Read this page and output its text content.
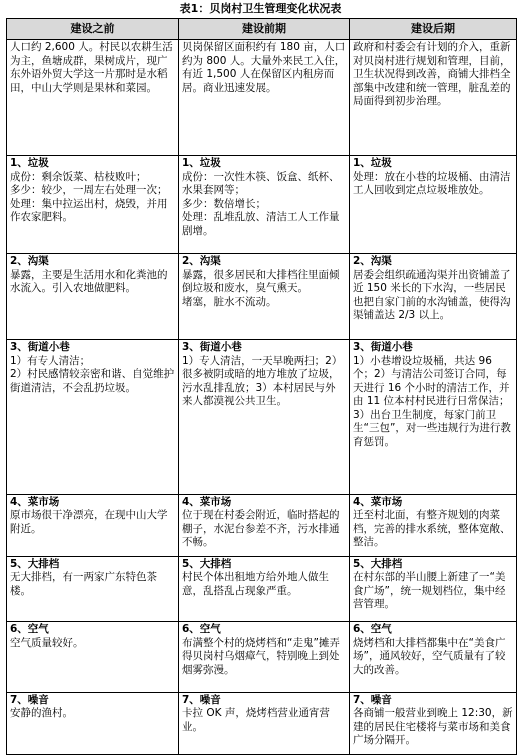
表1：贝岗村卫生管理变化状况表
建设之前	建设前期	建设后期

人口约 2,600 人。村民以农耕生活为主，鱼塘成群，果树成片，现广东外语外贸大学这一片那时是水稻田，中山大学则是果林和菜园。	贝岗保留区面积约有 180 亩，人口约为 800 人。大量外来民工入住，有近 1,500 人在保留区内租房而居。商业迅速发展。	政府和村委会有计划的介入，重新对贝岗村进行规划和管理，目前，卫生状况得到改善，商铺大排档全部集中改建和统一管理，脏乱差的局面得到初步治理。

1、垃圾
成份：剩余饭菜、枯枝败叶；
多少：较少，一周左右处理一次；
处理：集中拉运出村，烧毁，并用作农家肥料。	1、垃圾
成份：一次性木筷、饭盒、纸杯、水果套网等；
多少：数倍增长；
处理：乱堆乱放、清洁工人工作量剧增。	1、垃圾
处理：放在小巷的垃圾桶、由清洁工人回收到定点垃圾堆放处。

2、沟渠
暴露，主要是生活用水和化粪池的水流入。引入农地做肥料。	2、沟渠
暴露，很多居民和大排档往里面倾倒垃圾和废水，臭气熏天。
堵塞，脏水不流动。	2、沟渠
居委会组织疏通沟渠并出资铺盖了近 150 米长的下水沟，一些居民也把自家门前的水沟铺盖，使得沟渠铺盖达 2/3 以上。

3、街道小巷
1）有专人清洁；
2）村民感情较亲密和谐、自觉维护街道清洁，不会乱扔垃圾。	3、街道小巷
1）专人清洁，一天早晚两扫；2）很多被阴或暗的地方堆放了垃圾，污水乱排乱放；3）本村居民与外来人都漠视公共卫生。	3、街道小巷
1）小巷增设垃圾桶，共达 96 个；2）与清洁公司签订合同，每天进行 16 个小时的清洁工作，并由 11 位本村村民进行日常保洁；3）出台卫生制度，每家门前卫生“三包”，对一些违规行为进行教育惩罚。

4、菜市场
原市场很干净漂亮，在现中山大学附近。	4、菜市场
位于现在村委会附近，临时搭起的棚子，水泥台参差不齐，污水排通不畅。	4、菜市场
迁至村北面，有整齐规划的肉菜档，完善的排水系统，整体宽敞、整洁。

5、大排档
无大排档，有一两家广东特色茶楼。	5、大排档
村民个体出租地方给外地人做生意，乱搭乱占现象严重。	5、大排档
在村东部的半山腰上新建了一“美食广场”，统一规划档位，集中经营管理。

6、空气
空气质量较好。	6、空气
布满整个村的烧烤档和“走鬼”摊弄得贝岗村乌烟瘴气，特别晚上到处烟雾弥漫。	6、空气
烧烤档和大排档都集中在“美食广场”，通风较好，空气质量有了较大的改善。

7、噪音
安静的渔村。	7、噪音
卡拉 OK 声，烧烤档营业通宵营业。	7、噪音
各商铺一般营业到晚上 12:30，新建的居民住宅楼将与菜市场和美食广场分隔开。
